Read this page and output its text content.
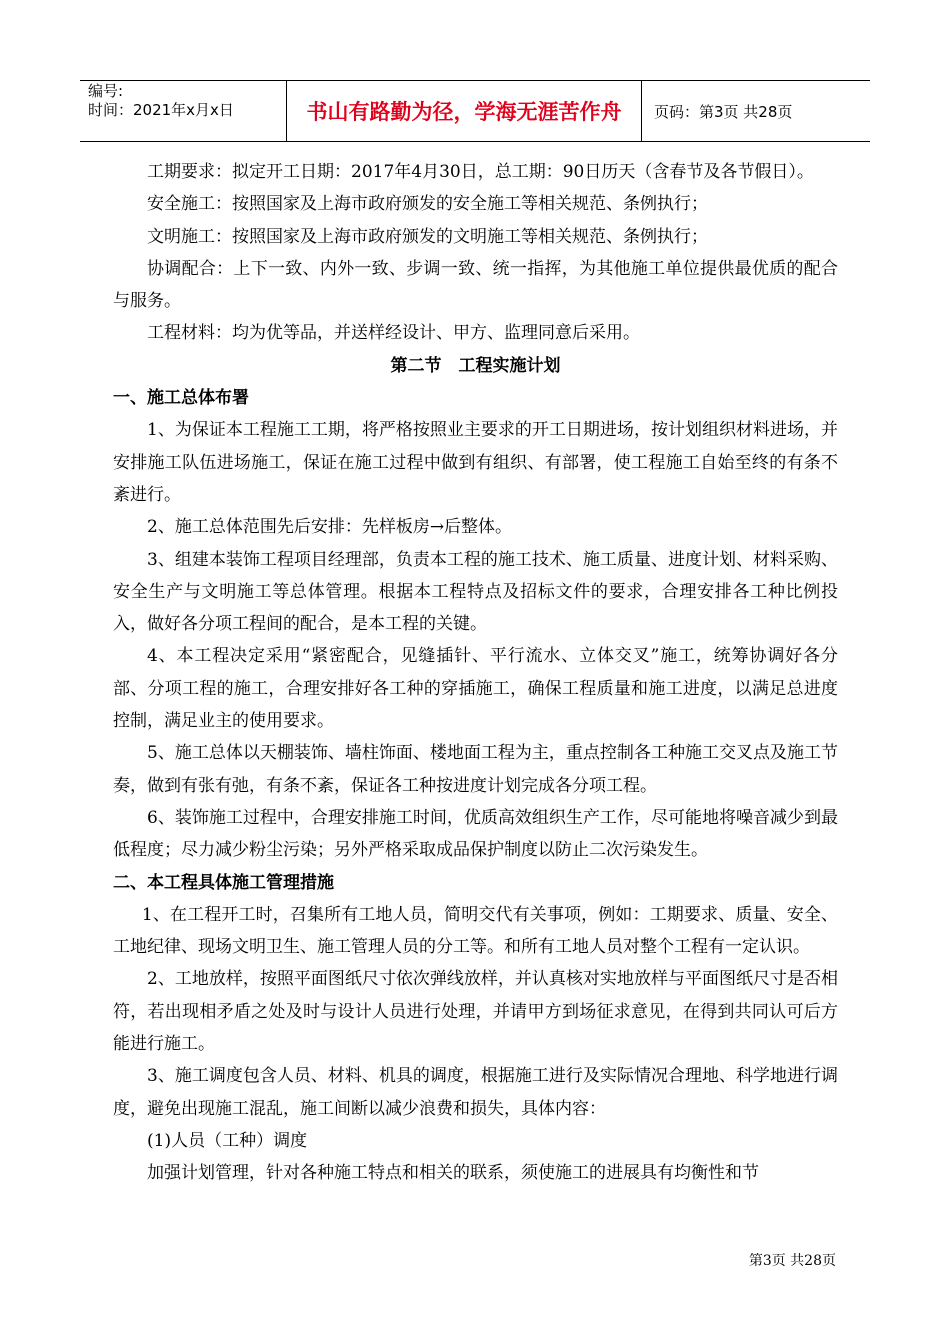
编号:
时间：2021年x月x日	书山有路勤为径，学海无涯苦作舟	页码：第3页 共28页

工期要求：拟定开工日期：2017年4月30日，总工期：90日历天（含春节及各节假日）。

安全施工：按照国家及上海市政府颁发的安全施工等相关规范、条例执行；

文明施工：按照国家及上海市政府颁发的文明施工等相关规范、条例执行；

协调配合：上下一致、内外一致、步调一致、统一指挥，为其他施工单位提供最优质的配合与服务。

工程材料：均为优等品，并送样经设计、甲方、监理同意后采用。

第二节　工程实施计划
一、施工总体布署

1、为保证本工程施工工期，将严格按照业主要求的开工日期进场，按计划组织材料进场，并安排施工队伍进场施工，保证在施工过程中做到有组织、有部署，使工程施工自始至终的有条不紊进行。

2、施工总体范围先后安排：先样板房→后整体。

3、组建本装饰工程项目经理部，负责本工程的施工技术、施工质量、进度计划、材料采购、安全生产与文明施工等总体管理。根据本工程特点及招标文件的要求，合理安排各工种比例投入，做好各分项工程间的配合，是本工程的关键。

4、本工程决定采用“紧密配合，见缝插针、平行流水、立体交叉”施工，统筹协调好各分部、分项工程的施工，合理安排好各工种的穿插施工，确保工程质量和施工进度，以满足总进度控制，满足业主的使用要求。

5、施工总体以天棚装饰、墙柱饰面、楼地面工程为主，重点控制各工种施工交叉点及施工节奏，做到有张有弛，有条不紊，保证各工种按进度计划完成各分项工程。

6、装饰施工过程中，合理安排施工时间，优质高效组织生产工作，尽可能地将噪音减少到最低程度；尽力减少粉尘污染；另外严格采取成品保护制度以防止二次污染发生。

二、本工程具体施工管理措施

1、在工程开工时，召集所有工地人员，简明交代有关事项，例如：工期要求、质量、安全、工地纪律、现场文明卫生、施工管理人员的分工等。和所有工地人员对整个工程有一定认识。

2、工地放样，按照平面图纸尺寸依次弹线放样，并认真核对实地放样与平面图纸尺寸是否相符，若出现相矛盾之处及时与设计人员进行处理，并请甲方到场征求意见，在得到共同认可后方能进行施工。

3、施工调度包含人员、材料、机具的调度，根据施工进行及实际情况合理地、科学地进行调度，避免出现施工混乱，施工间断以减少浪费和损失，具体内容：

(1)人员（工种）调度

加强计划管理，针对各种施工特点和相关的联系，须使施工的进展具有均衡性和节

第3页 共28页
